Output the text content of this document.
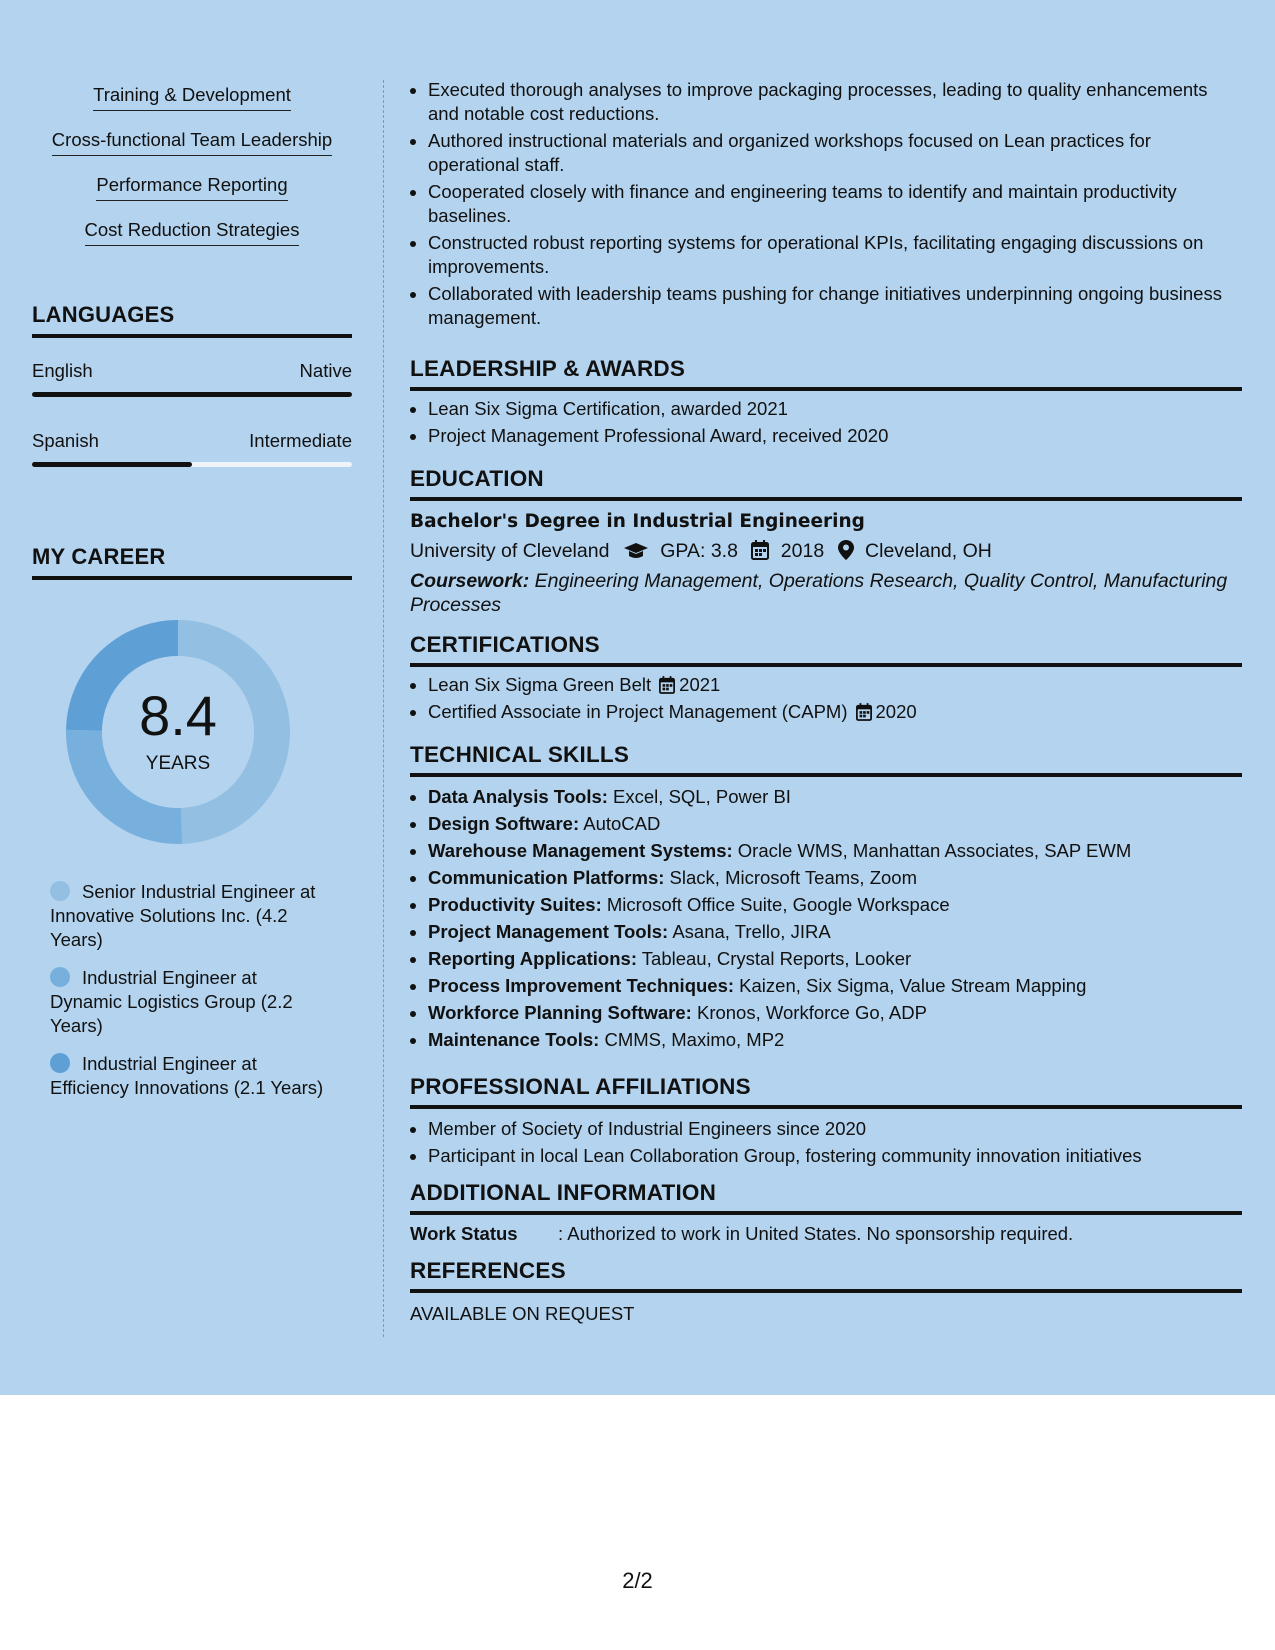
Training & Development
Cross-functional Team Leadership
Performance Reporting
Cost Reduction Strategies
LANGUAGES
English	Native
Spanish	Intermediate
MY CAREER
8.4
YEARS
Senior Industrial Engineer at Innovative Solutions Inc. (4.2 Years)
Industrial Engineer at Dynamic Logistics Group (2.2 Years)
Industrial Engineer at Efficiency Innovations (2.1 Years)
• Executed thorough analyses to improve packaging processes, leading to quality enhancements and notable cost reductions.
• Authored instructional materials and organized workshops focused on Lean practices for operational staff.
• Cooperated closely with finance and engineering teams to identify and maintain productivity baselines.
• Constructed robust reporting systems for operational KPIs, facilitating engaging discussions on improvements.
• Collaborated with leadership teams pushing for change initiatives underpinning ongoing business management.
LEADERSHIP & AWARDS
• Lean Six Sigma Certification, awarded 2021
• Project Management Professional Award, received 2020
EDUCATION
Bachelor's Degree in Industrial Engineering
University of Cleveland	GPA: 3.8 2018 Cleveland, OH
Coursework: Engineering Management, Operations Research, Quality Control, Manufacturing Processes
CERTIFICATIONS
• Lean Six Sigma Green Belt 2021
• Certified Associate in Project Management (CAPM) 2020
TECHNICAL SKILLS
• Data Analysis Tools: Excel, SQL, Power BI
• Design Software: AutoCAD
• Warehouse Management Systems: Oracle WMS, Manhattan Associates, SAP EWM
• Communication Platforms: Slack, Microsoft Teams, Zoom
• Productivity Suites: Microsoft Office Suite, Google Workspace
• Project Management Tools: Asana, Trello, JIRA
• Reporting Applications: Tableau, Crystal Reports, Looker
• Process Improvement Techniques: Kaizen, Six Sigma, Value Stream Mapping
• Workforce Planning Software: Kronos, Workforce Go, ADP
• Maintenance Tools: CMMS, Maximo, MP2
PROFESSIONAL AFFILIATIONS
• Member of Society of Industrial Engineers since 2020
• Participant in local Lean Collaboration Group, fostering community innovation initiatives
ADDITIONAL INFORMATION
Work Status : Authorized to work in United States. No sponsorship required.
REFERENCES
AVAILABLE ON REQUEST
2/2
